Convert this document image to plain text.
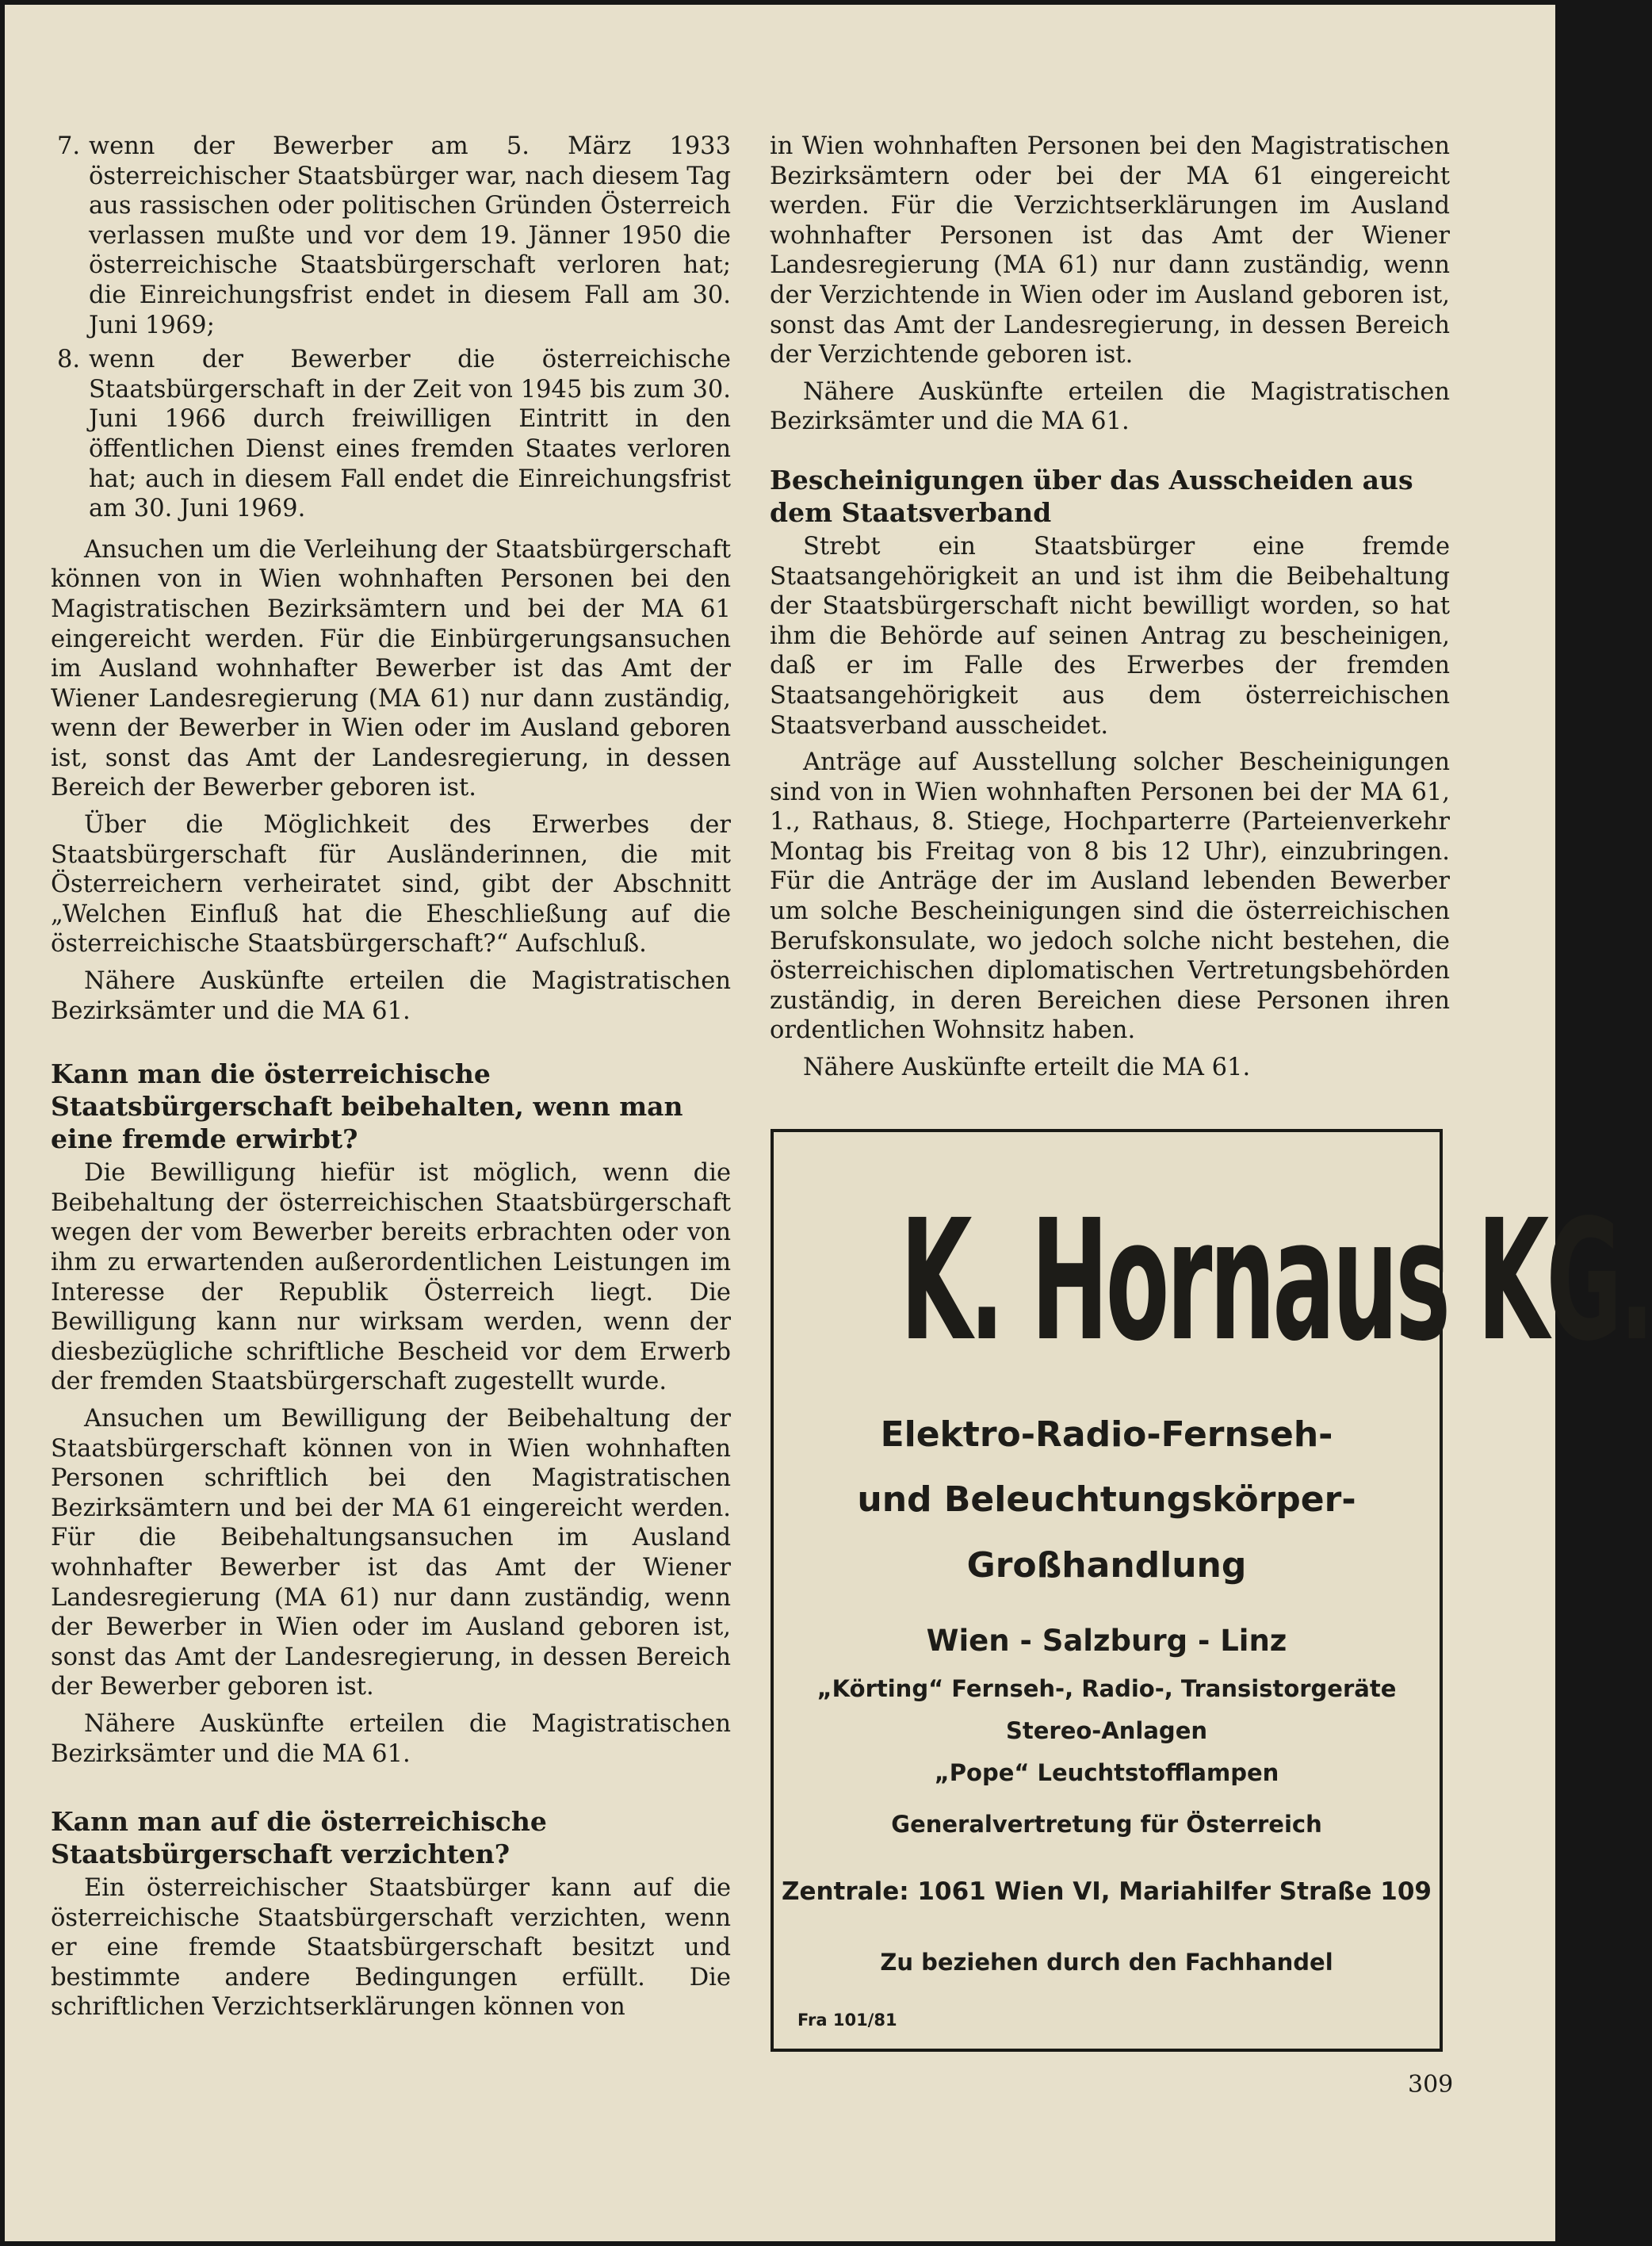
7. wenn der Bewerber am 5. März 1933 österreichischer Staatsbürger war, nach diesem Tag aus rassischen oder politischen Gründen Österreich verlassen mußte und vor dem 19. Jänner 1950 die österreichische Staatsbürgerschaft verloren hat; die Einreichungsfrist endet in diesem Fall am 30. Juni 1969;
8. wenn der Bewerber die österreichische Staatsbürgerschaft in der Zeit von 1945 bis zum 30. Juni 1966 durch freiwilligen Eintritt in den öffentlichen Dienst eines fremden Staates verloren hat; auch in diesem Fall endet die Einreichungsfrist am 30. Juni 1969.

Ansuchen um die Verleihung der Staatsbürgerschaft können von in Wien wohnhaften Personen bei den Magistratischen Bezirksämtern und bei der MA 61 eingereicht werden. Für die Einbürgerungsansuchen im Ausland wohnhafter Bewerber ist das Amt der Wiener Landesregierung (MA 61) nur dann zuständig, wenn der Bewerber in Wien oder im Ausland geboren ist, sonst das Amt der Landesregierung, in dessen Bereich der Bewerber geboren ist.

Über die Möglichkeit des Erwerbes der Staatsbürgerschaft für Ausländerinnen, die mit Österreichern verheiratet sind, gibt der Abschnitt „Welchen Einfluß hat die Eheschließung auf die österreichische Staatsbürgerschaft?“ Aufschluß.

Nähere Auskünfte erteilen die Magistratischen Bezirksämter und die MA 61.

Kann man die österreichische Staatsbürgerschaft beibehalten, wenn man eine fremde erwirbt?

Die Bewilligung hiefür ist möglich, wenn die Beibehaltung der österreichischen Staatsbürgerschaft wegen der vom Bewerber bereits erbrachten oder von ihm zu erwartenden außerordentlichen Leistungen im Interesse der Republik Österreich liegt. Die Bewilligung kann nur wirksam werden, wenn der diesbezügliche schriftliche Bescheid vor dem Erwerb der fremden Staatsbürgerschaft zugestellt wurde.

Ansuchen um Bewilligung der Beibehaltung der Staatsbürgerschaft können von in Wien wohnhaften Personen schriftlich bei den Magistratischen Bezirksämtern und bei der MA 61 eingereicht werden. Für die Beibehaltungsansuchen im Ausland wohnhafter Bewerber ist das Amt der Wiener Landesregierung (MA 61) nur dann zuständig, wenn der Bewerber in Wien oder im Ausland geboren ist, sonst das Amt der Landesregierung, in dessen Bereich der Bewerber geboren ist.

Nähere Auskünfte erteilen die Magistratischen Bezirksämter und die MA 61.

Kann man auf die österreichische Staatsbürgerschaft verzichten?

Ein österreichischer Staatsbürger kann auf die österreichische Staatsbürgerschaft verzichten, wenn er eine fremde Staatsbürgerschaft besitzt und bestimmte andere Bedingungen erfüllt. Die schriftlichen Verzichtserklärungen können von

in Wien wohnhaften Personen bei den Magistratischen Bezirksämtern oder bei der MA 61 eingereicht werden. Für die Verzichtserklärungen im Ausland wohnhafter Personen ist das Amt der Wiener Landesregierung (MA 61) nur dann zuständig, wenn der Verzichtende in Wien oder im Ausland geboren ist, sonst das Amt der Landesregierung, in dessen Bereich der Verzichtende geboren ist.

Nähere Auskünfte erteilen die Magistratischen Bezirksämter und die MA 61.

Bescheinigungen über das Ausscheiden aus dem Staatsverband

Strebt ein Staatsbürger eine fremde Staatsangehörigkeit an und ist ihm die Beibehaltung der Staatsbürgerschaft nicht bewilligt worden, so hat ihm die Behörde auf seinen Antrag zu bescheinigen, daß er im Falle des Erwerbes der fremden Staatsangehörigkeit aus dem österreichischen Staatsverband ausscheidet.

Anträge auf Ausstellung solcher Bescheinigungen sind von in Wien wohnhaften Personen bei der MA 61, 1., Rathaus, 8. Stiege, Hochparterre (Parteienverkehr Montag bis Freitag von 8 bis 12 Uhr), einzubringen. Für die Anträge der im Ausland lebenden Bewerber um solche Bescheinigungen sind die österreichischen Berufskonsulate, wo jedoch solche nicht bestehen, die österreichischen diplomatischen Vertretungsbehörden zuständig, in deren Bereichen diese Personen ihren ordentlichen Wohnsitz haben.

Nähere Auskünfte erteilt die MA 61.

K. Hornaus KG.
Elektro-Radio-Fernseh-
und Beleuchtungskörper-
Großhandlung
Wien - Salzburg - Linz
„Körting“ Fernseh-, Radio-, Transistorgeräte
Stereo-Anlagen
„Pope“ Leuchtstofflampen
Generalvertretung für Österreich
Zentrale: 1061 Wien VI, Mariahilfer Straße 109
Zu beziehen durch den Fachhandel
Fra 101/81
309
